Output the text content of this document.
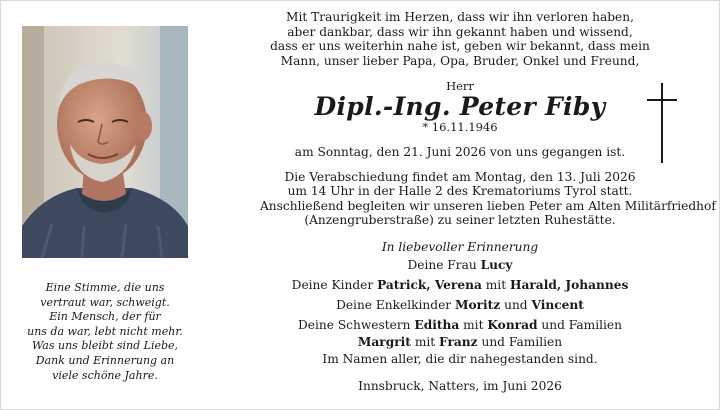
Eine Stimme, die uns
vertraut war, schweigt.
Ein Mensch, der für
uns da war, lebt nicht mehr.
Was uns bleibt sind Liebe,
Dank und Erinnerung an
viele schöne Jahre.
Mit Traurigkeit im Herzen, dass wir ihn verloren haben,
aber dankbar, dass wir ihn gekannt haben und wissend,
dass er uns weiterhin nahe ist, geben wir bekannt, dass mein
Mann, unser lieber Papa, Opa, Bruder, Onkel und Freund,
Herr
Dipl.-Ing. Peter Fiby
* 16.11.1946
am Sonntag, den 21. Juni 2026 von uns gegangen ist.
Die Verabschiedung findet am Montag, den 13. Juli 2026
um 14 Uhr in der Halle 2 des Krematoriums Tyrol statt.
Anschließend begleiten wir unseren lieben Peter am Alten Militärfriedhof
(Anzengruberstraße) zu seiner letzten Ruhestätte.
In liebevoller Erinnerung
Deine Frau Lucy
Deine Kinder Patrick, Verena mit Harald, Johannes
Deine Enkelkinder Moritz und Vincent
Deine Schwestern Editha mit Konrad und Familien
Margrit mit Franz und Familien
Im Namen aller, die dir nahegestanden sind.
Innsbruck, Natters, im Juni 2026
